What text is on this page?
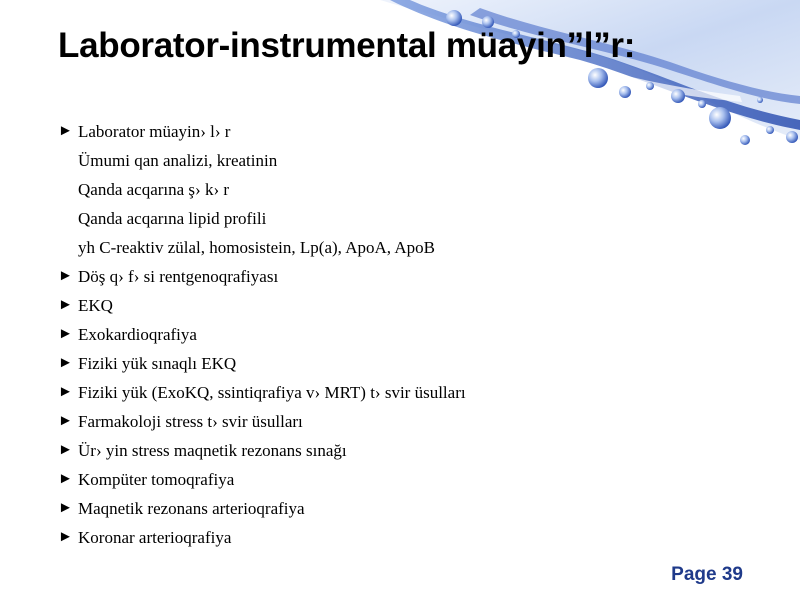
Laborator-instrumental müayin”l”r:
► Laborator müayin› l› r
Ümumi qan analizi, kreatinin
Qanda acqarına ş› k› r
Qanda acqarına lipid profili
yh C-reaktiv zülal, homosistein, Lp(a), ApoA, ApoB
► Döş q› f› si rentgenoqrafiyası
► EKQ
► Exokardioqrafiya
► Fiziki yük sınaqlı EKQ
► Fiziki yük (ExoKQ, ssintiqrafiya v› MRT) t› svir üsulları
► Farmakoloji stress t› svir üsulları
► Ür› yin stress maqnetik rezonans sınağı
► Kompüter tomoqrafiya
► Maqnetik rezonans arterioqrafiya
► Koronar arterioqrafiya
Page 39
